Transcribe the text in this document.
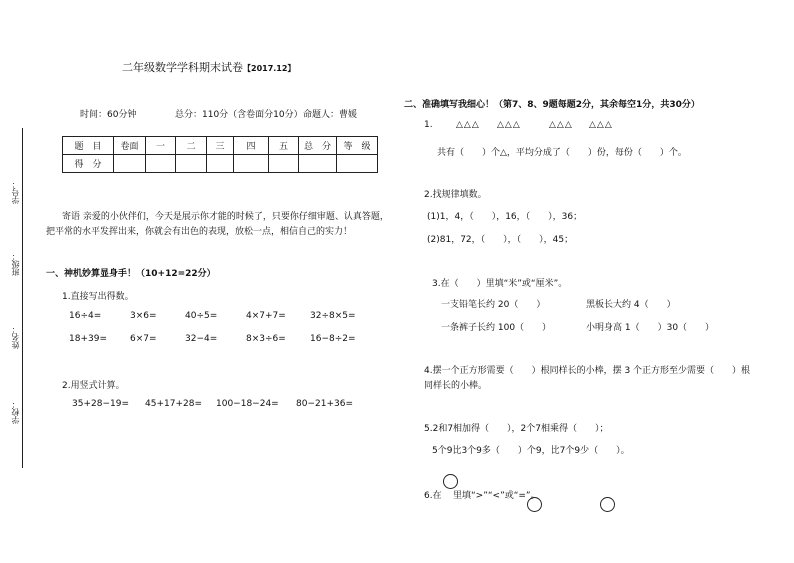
学号：
班级：
姓名：
学校：
二年级数学学科期末试卷【2017.12】
时间：60分钟	总分：110分（含卷面分10分） 命题人：曹媛
题　目	卷面	一	二	三	四	五	总　分	等　级
得　分								
寄语 亲爱的小伙伴们，今天是展示你才能的时候了，只要你仔细审题、认真答题，
把平常的水平发挥出来，你就会有出色的表现，放松一点，相信自己的实力！
一、神机妙算显身手！（10+12=22分）
1.直接写出得数。
16÷4=	3×6=	40÷5=	4×7+7=	32÷8×5=
18+39=	6×7=	32−4=	8×3÷6=	16−8÷2=
2.用竖式计算。
35+28−19= 45+17+28= 100−18−24= 80−21+36=
二、准确填写我细心！（第7、8、9题每题2分，其余每空1分，共30分）
1.	△△△ △△△	△△△ △△△
共有（　　）个△，平均分成了（　　）份，每份（　　）个。
2.找规律填数。
(1)1，4，（　　），16，（　　），36；
(2)81，72，（　　），（　　），45；
3.在（　　）里填“米”或“厘米”。
一支铅笔长约 20（　　）	黑板长大约 4（　　）
一条裤子长约 100（　　）	小明身高 1（　　）30（　　）
4.摆一个正方形需要（　　）根同样长的小棒，摆 3 个正方形至少需要（　　）根
同样长的小棒。
5.2和7相加得（　　），2个7相乘得（　　）；
5个9比3个9多（　　）个9，比7个9少（　　）。
6.在 里填“>”“<”或“=”。
